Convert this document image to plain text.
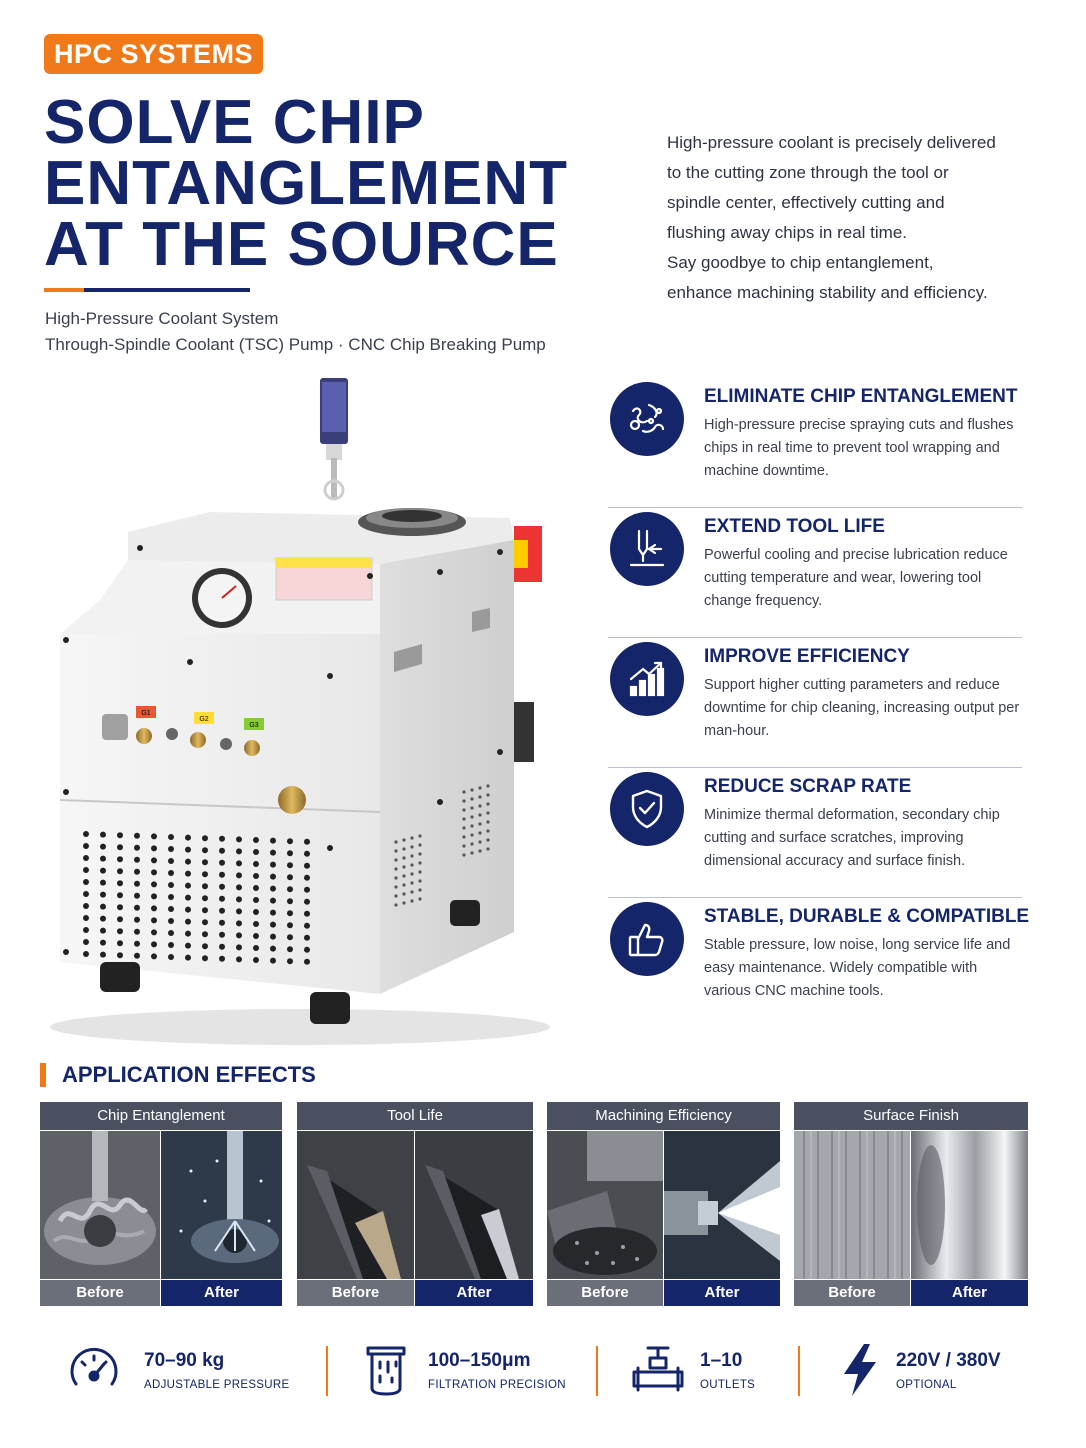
HPC SYSTEMS
SOLVE CHIP
ENTANGLEMENT
AT THE SOURCE
High-Pressure Coolant System
Through-Spindle Coolant (TSC) Pump · CNC Chip Breaking Pump
High-pressure coolant is precisely delivered
to the cutting zone through the tool or
spindle center, effectively cutting and
flushing away chips in real time.
Say goodbye to chip entanglement,
enhance machining stability and efficiency.
G1
G2
G3
ELIMINATE CHIP ENTANGLEMENT
High-pressure precise spraying cuts and flushes chips in real time to prevent tool wrapping and machine downtime.
EXTEND TOOL LIFE
Powerful cooling and precise lubrication reduce cutting temperature and wear, lowering tool change frequency.
IMPROVE EFFICIENCY
Support higher cutting parameters and reduce downtime for chip cleaning, increasing output per man-hour.
REDUCE SCRAP RATE
Minimize thermal deformation, secondary chip cutting and surface scratches, improving dimensional accuracy and surface finish.
STABLE, DURABLE & COMPATIBLE
Stable pressure, low noise, long service life and easy maintenance. Widely compatible with various CNC machine tools.
APPLICATION EFFECTS
Chip Entanglement
Before	After
Tool Life
Before	After
Machining Efficiency
Before	After
Surface Finish
Before	After
70–90 kg
ADJUSTABLE PRESSURE
100–150μm
FILTRATION PRECISION
1–10
OUTLETS
220V / 380V
OPTIONAL
